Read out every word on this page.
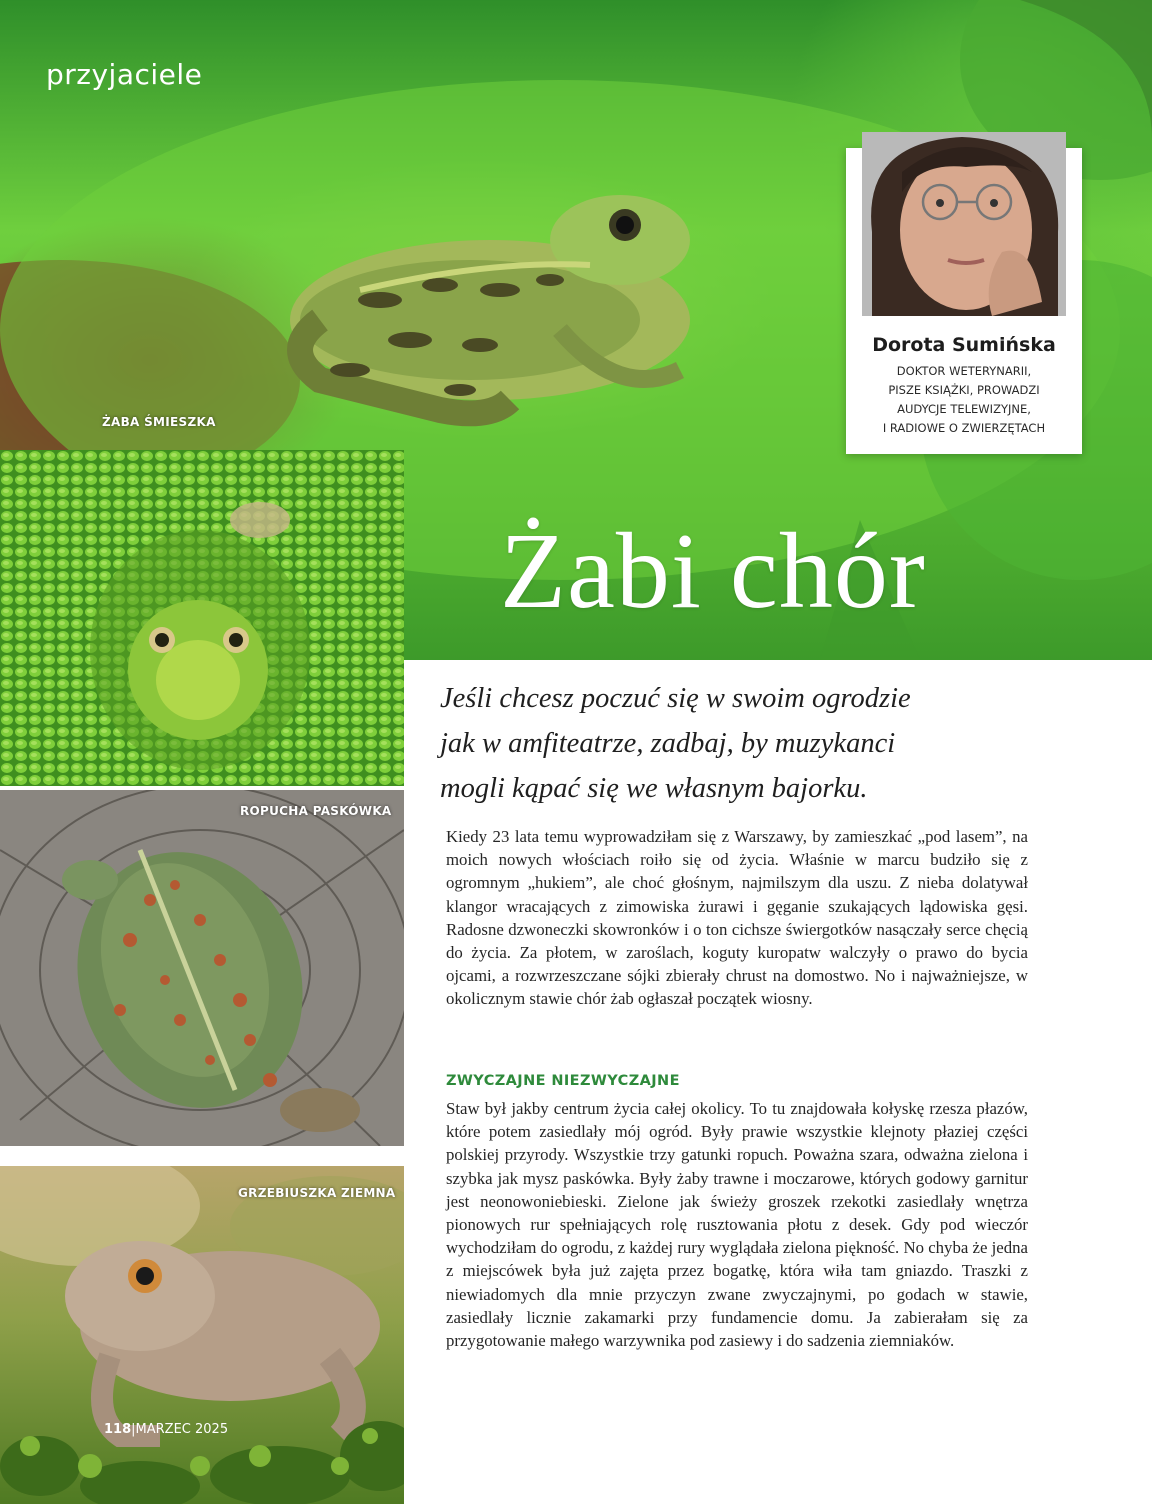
przyjaciele
ŻABA ŚMIESZKA
Dorota Sumińska
DOKTOR WETERYNARII,
PISZE KSIĄŻKI, PROWADZI
AUDYCJE TELEWIZYJNE,
I RADIOWE O ZWIERZĘTACH
Żabi chór
ROPUCHA PASKÓWKA
GRZEBIUSZKA ZIEMNA
Jeśli chcesz poczuć się w swoim ogrodzie
jak w amfiteatrze, zadbaj, by muzykanci
mogli kąpać się we własnym bajorku.

Kiedy 23 lata temu wyprowadziłam się z Warszawy, by zamieszkać „pod lasem”, na moich nowych włościach roiło się od życia. Właśnie w marcu budziło się z ogromnym „hukiem”, ale choć głośnym, najmilszym dla uszu. Z nieba dolatywał klangor wracających z zimowiska żurawi i gęganie szukających lądowiska gęsi. Radosne dzwoneczki skowronków i o ton cichsze świergotków nasączały serce chęcią do życia. Za płotem, w zaroślach, koguty kuropatw walczyły o prawo do bycia ojcami, a rozwrzeszczane sójki zbierały chrust na domostwo. No i najważniejsze, w okolicznym stawie chór żab ogłaszał początek wiosny.

ZWYCZAJNE NIEZWYCZAJNE

Staw był jakby centrum życia całej okolicy. To tu znajdowała kołyskę rzesza płazów, które potem zasiedlały mój ogród. Były prawie wszystkie klejnoty płaziej części polskiej przyrody. Wszystkie trzy gatunki ropuch. Poważna szara, odważna zielona i szybka jak mysz paskówka. Były żaby trawne i moczarowe, których godowy garnitur jest neonowoniebieski. Zielone jak świeży groszek rzekotki zasiedlały wnętrza pionowych rur spełniających rolę rusztowania płotu z desek. Gdy pod wieczór wychodziłam do ogrodu, z każdej rury wyglądała zielona piękność. No chyba że jedna z miejscówek była już zajęta przez bogatkę, która wiła tam gniazdo. Traszki z niewiadomych dla mnie przyczyn zwane zwyczajnymi, po godach w stawie, zasiedlały licznie zakamarki przy fundamencie domu. Ja zabierałam się za przygotowanie małego warzywnika pod zasiewy i do sadzenia ziemniaków.

118|MARZEC 2025
